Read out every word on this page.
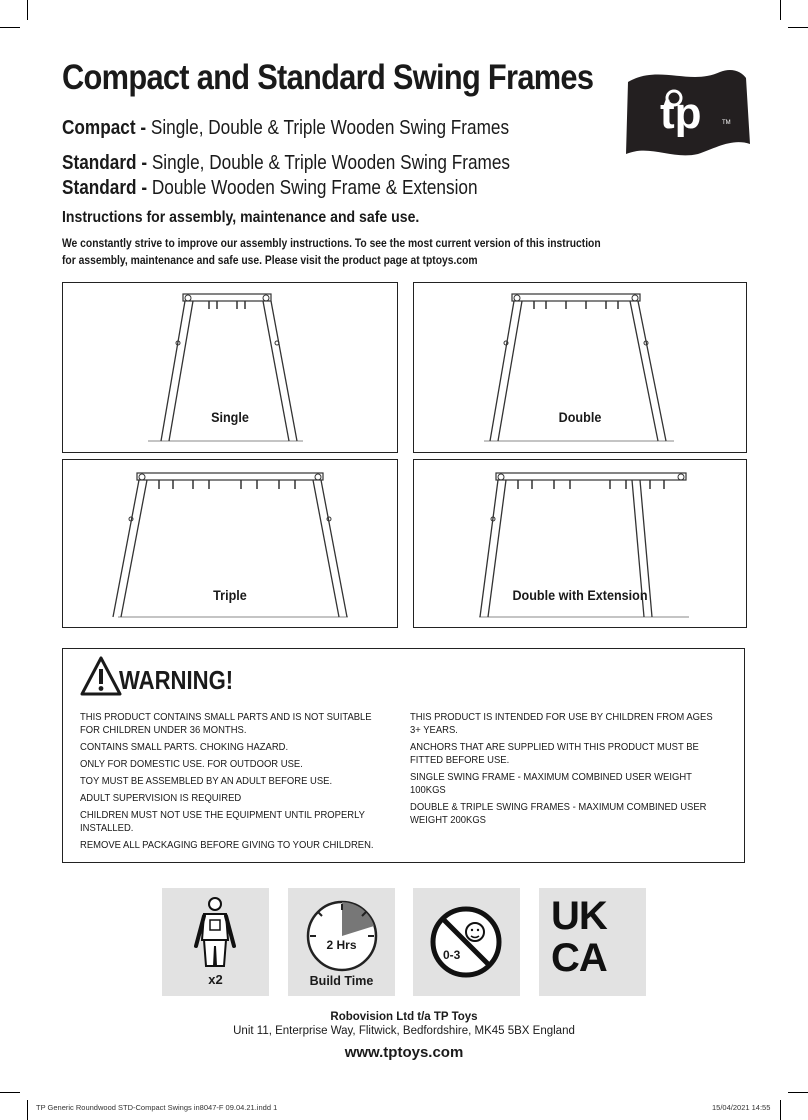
Compact and Standard Swing Frames
Compact - Single, Double & Triple Wooden Swing Frames
Standard - Single, Double & Triple Wooden Swing Frames
Standard - Double Wooden Swing Frame & Extension
tp	TM
Instructions for assembly, maintenance and safe use.
We constantly strive to improve our assembly instructions. To see the most current version of this instruction for assembly, maintenance and safe use. Please visit the product page at tptoys.com
Single	Double
Triple	Double with Extension
WARNING!
THIS PRODUCT CONTAINS SMALL PARTS AND IS NOT SUITABLE FOR CHILDREN UNDER 36 MONTHS.
CONTAINS SMALL PARTS. CHOKING HAZARD.
ONLY FOR DOMESTIC USE. FOR OUTDOOR USE.
TOY MUST BE ASSEMBLED BY AN ADULT BEFORE USE.
ADULT SUPERVISION IS REQUIRED
CHILDREN MUST NOT USE THE EQUIPMENT UNTIL PROPERLY INSTALLED.
REMOVE ALL PACKAGING BEFORE GIVING TO YOUR CHILDREN.
THIS PRODUCT IS INTENDED FOR USE BY CHILDREN FROM AGES 3+ YEARS.
ANCHORS THAT ARE SUPPLIED WITH THIS PRODUCT MUST BE FITTED BEFORE USE.
SINGLE SWING FRAME - MAXIMUM COMBINED USER WEIGHT 100KGS
DOUBLE & TRIPLE SWING FRAMES - MAXIMUM COMBINED USER WEIGHT 200KGS
x2
2 Hrs
Build Time
0-3
UK
CA
Robovision Ltd t/a TP Toys
Unit 11, Enterprise Way, Flitwick, Bedfordshire, MK45 5BX England
www.tptoys.com
TP Generic Roundwood STD-Compact Swings in8047-F 09.04.21.indd 1	15/04/2021 14:55
